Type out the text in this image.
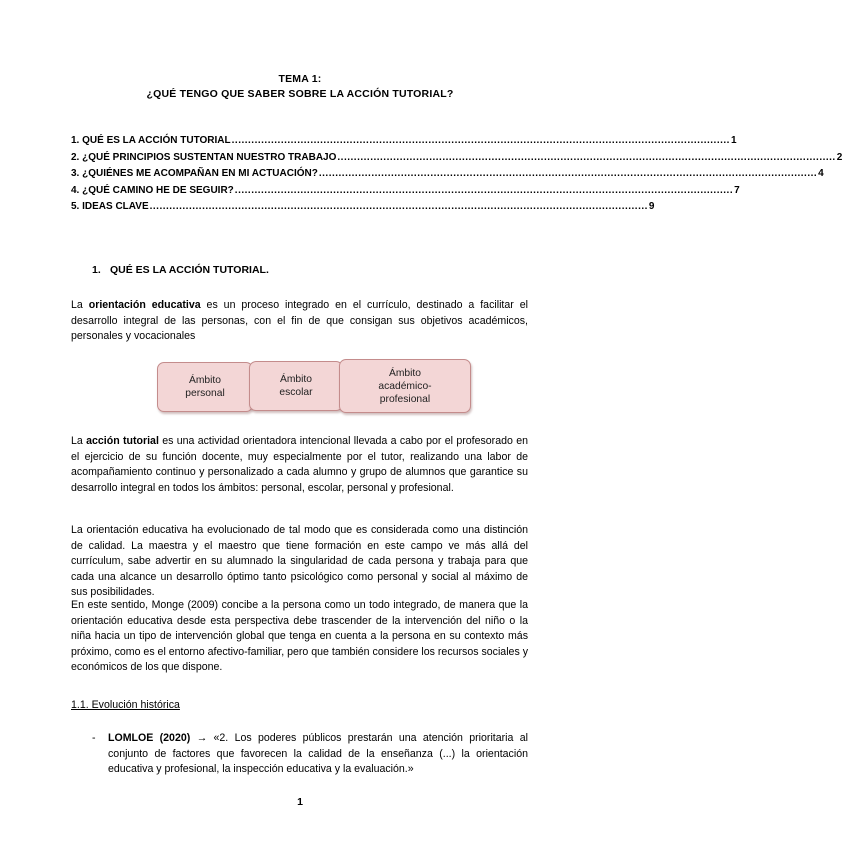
TEMA 1:
¿QUÉ TENGO QUE SABER SOBRE LA ACCIÓN TUTORIAL?
1. QUÉ ES LA ACCIÓN TUTORIAL ........................................................................................................................................................ 1
2. ¿QUÉ PRINCIPIOS SUSTENTAN NUESTRO TRABAJO ........................................................................................................................................................ 2
3. ¿QUIÉNES ME ACOMPAÑAN EN MI ACTUACIÓN? ........................................................................................................................................................ 4
4. ¿QUÉ CAMINO HE DE SEGUIR? ........................................................................................................................................................ 7
5. IDEAS CLAVE ........................................................................................................................................................ 9
1. QUÉ ES LA ACCIÓN TUTORIAL.
La orientación educativa es un proceso integrado en el currículo, destinado a facilitar el desarrollo integral de las personas, con el fin de que consigan sus objetivos académicos, personales y vocacionales
Ámbito
personal
Ámbito
escolar
Ámbito
académico-
profesional
La acción tutorial es una actividad orientadora intencional llevada a cabo por el profesorado en el ejercicio de su función docente, muy especialmente por el tutor, realizando una labor de acompañamiento continuo y personalizado a cada alumno y grupo de alumnos que garantice su desarrollo integral en todos los ámbitos: personal, escolar, personal y profesional.
La orientación educativa ha evolucionado de tal modo que es considerada como una distinción de calidad. La maestra y el maestro que tiene formación en este campo ve más allá del currículum, sabe advertir en su alumnado la singularidad de cada persona y trabaja para que cada una alcance un desarrollo óptimo tanto psicológico como personal y social al máximo de sus posibilidades.
En este sentido, Monge (2009) concibe a la persona como un todo integrado, de manera que la orientación educativa desde esta perspectiva debe trascender de la intervención del niño o la niña hacia un tipo de intervención global que tenga en cuenta a la persona en su contexto más próximo, como es el entorno afectivo-familiar, pero que también considere los recursos sociales y económicos de los que dispone.
1.1. Evolución histórica
-	LOMLOE (2020) → «2. Los poderes públicos prestarán una atención prioritaria al conjunto de factores que favorecen la calidad de la enseñanza (...) la orientación educativa y profesional, la inspección educativa y la evaluación.»
1
